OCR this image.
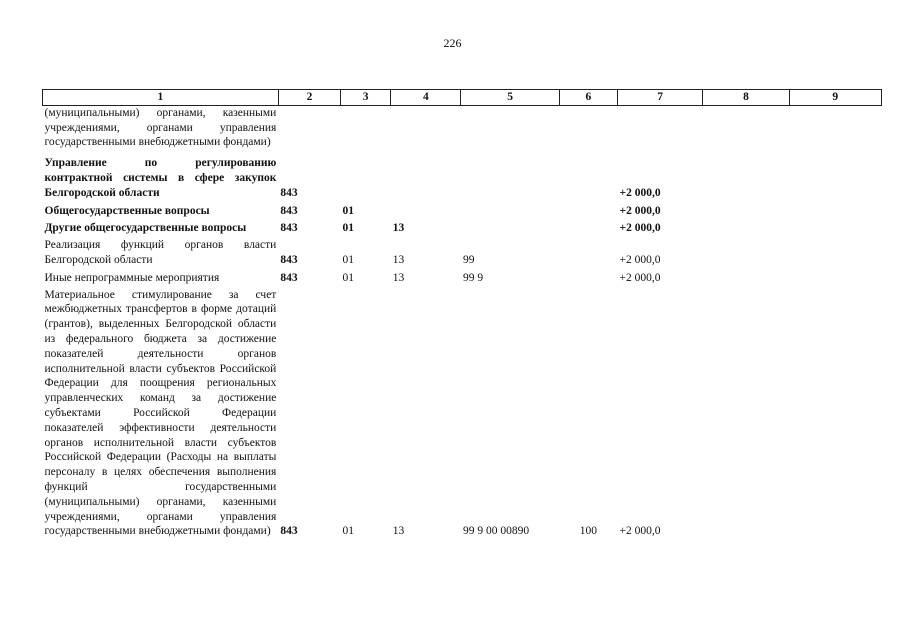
226
1	2	3	4	5	6	7	8	9
(муниципальными) органами, казенными учреждениями, органами управления государственными внебюджетными фондами)								
Управление по регулированию контрактной системы в сфере закупок Белгородской области	843					+2 000,0		
Общегосударственные вопросы	843	01				+2 000,0		
Другие общегосударственные вопросы	843	01	13			+2 000,0		
Реализация функций органов власти Белгородской области	843	01	13	99		+2 000,0		
Иные непрограммные мероприятия	843	01	13	99 9		+2 000,0		
Материальное стимулирование за счет межбюджетных трансфертов в форме дотаций (грантов), выделенных Белгородской области из федерального бюджета за достижение показателей деятельности органов исполнительной власти субъектов Российской Федерации для поощрения региональных управленческих команд за достижение субъектами Российской Федерации показателей эффективности деятельности органов исполнительной власти субъектов Российской Федерации (Расходы на выплаты персоналу в целях обеспечения выполнения функций государственными (муниципальными) органами, казенными учреждениями, органами управления государственными внебюджетными фондами)	843	01	13	99 9 00 00890	100	+2 000,0		
